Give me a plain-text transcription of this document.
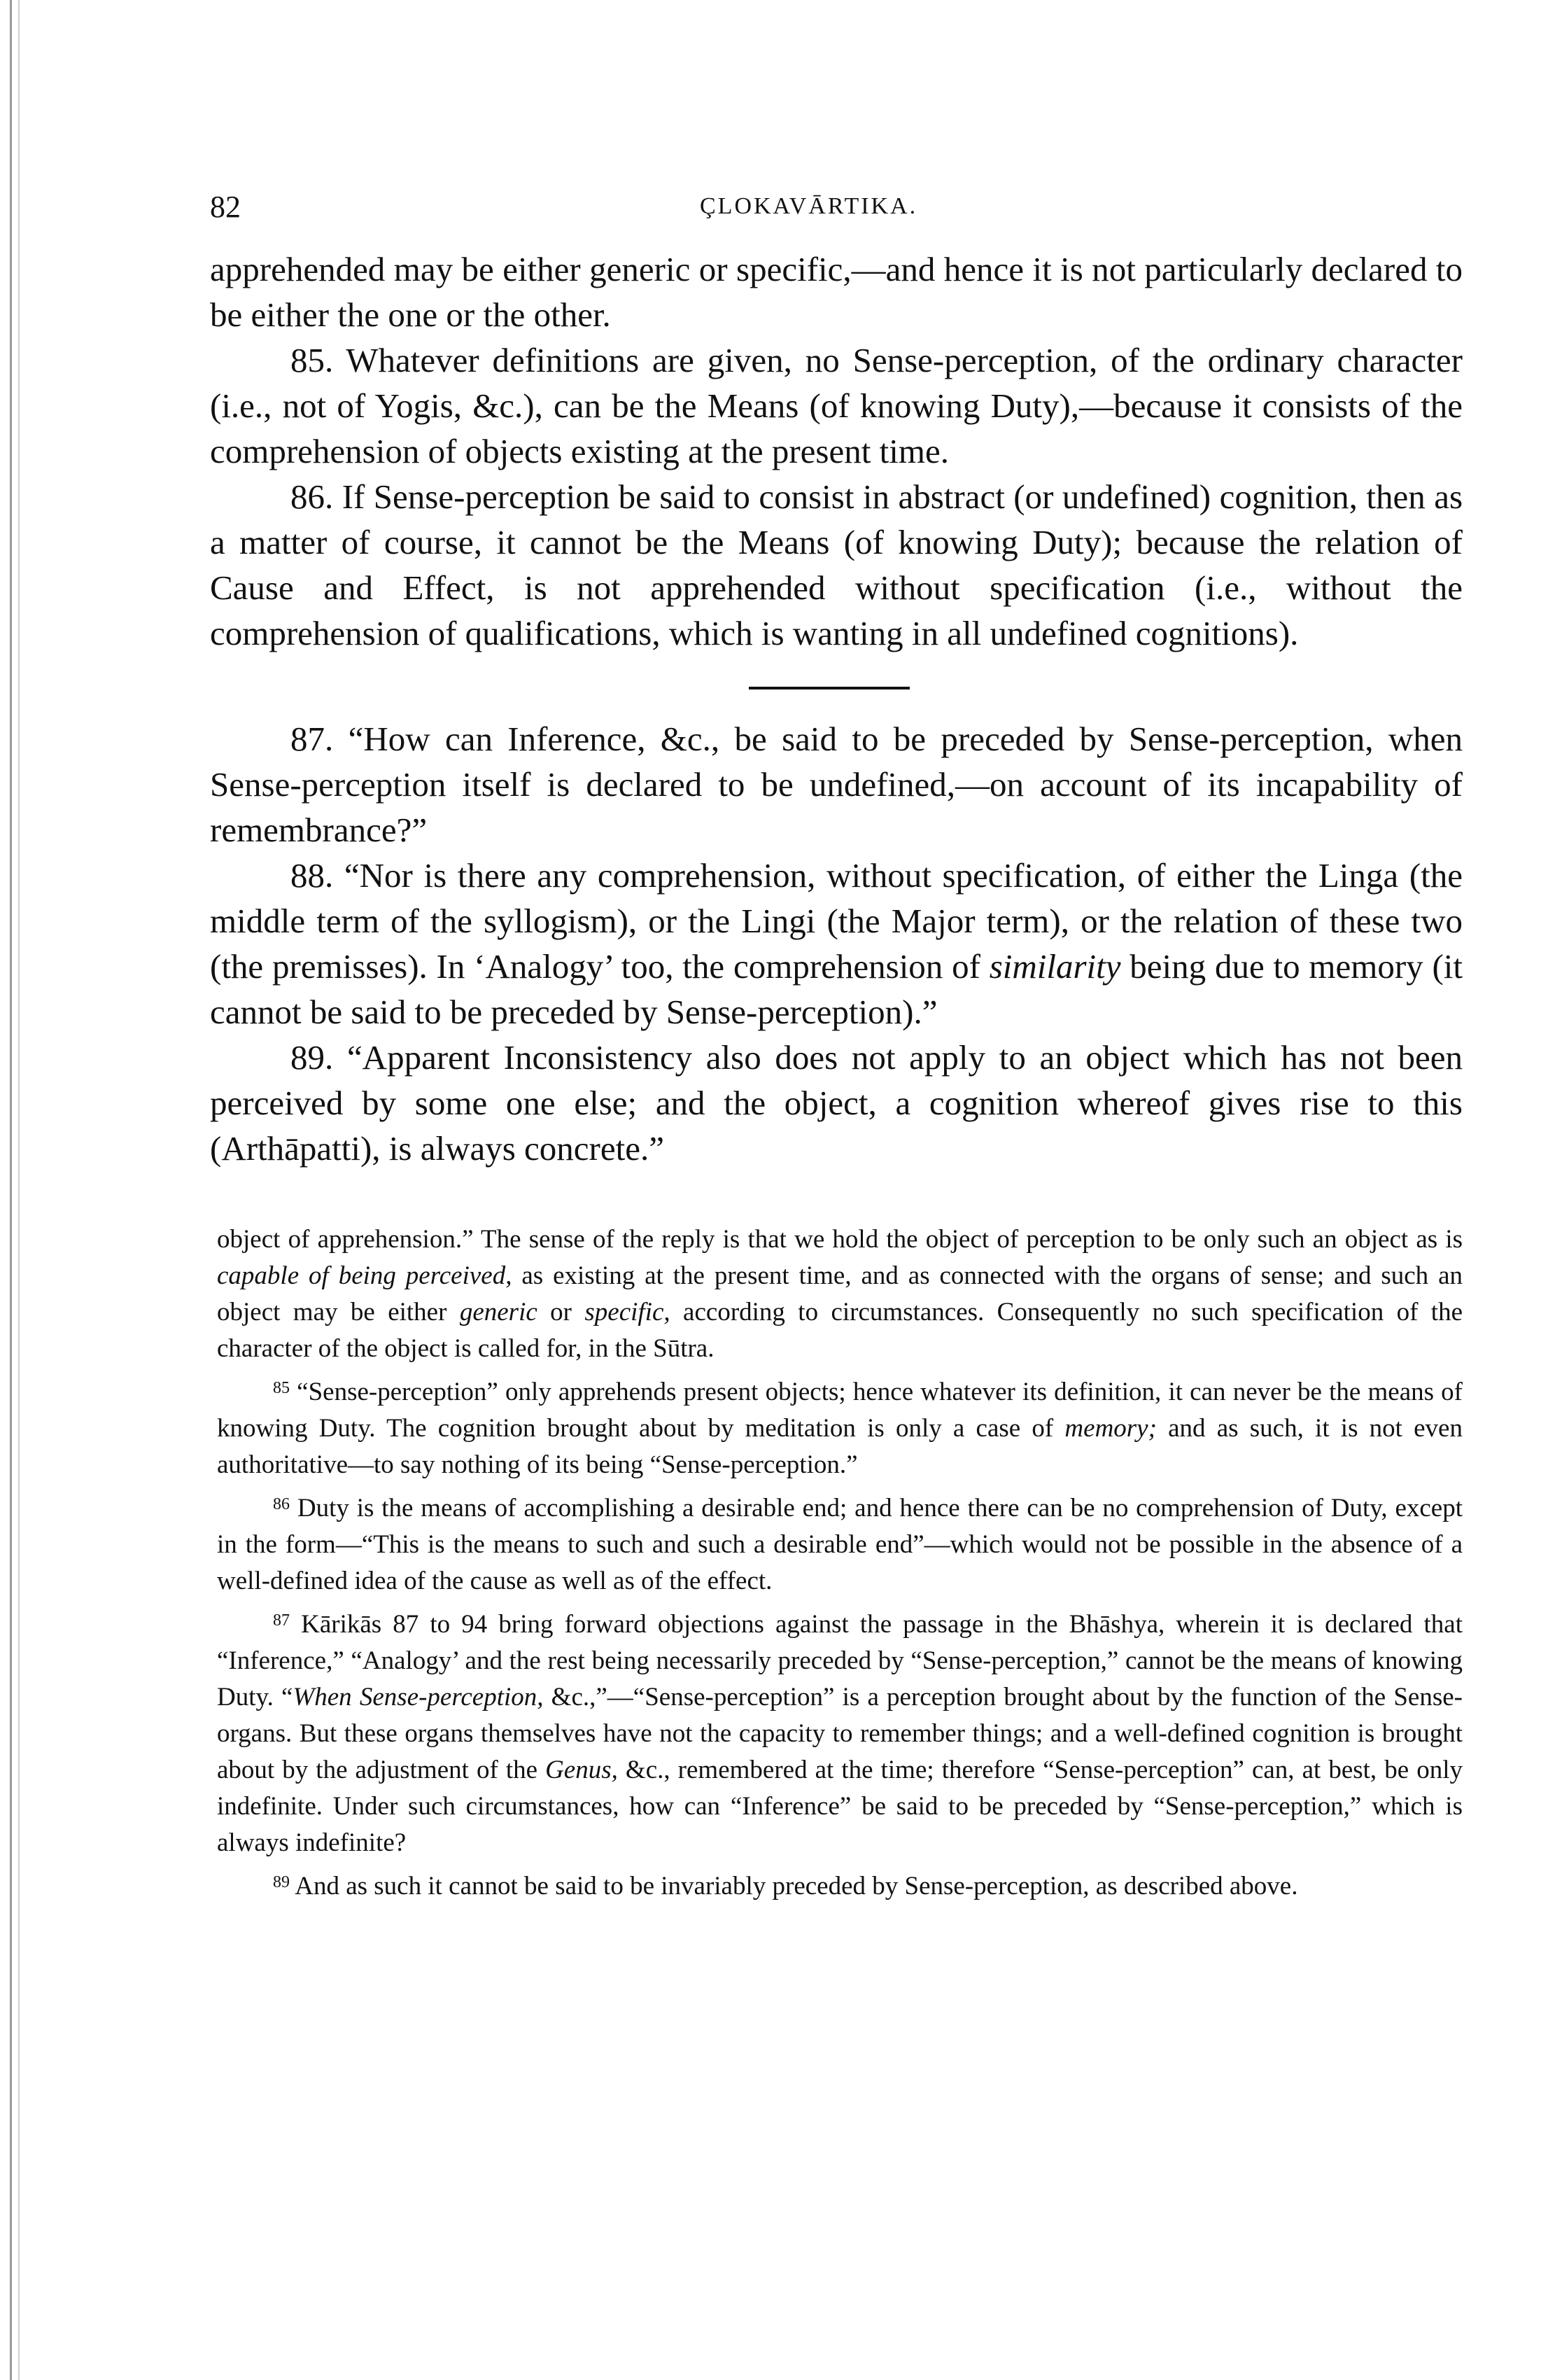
82	ÇLOKAVĀRTIKA.

apprehended may be either generic or specific,—and hence it is not particularly declared to be either the one or the other.

85. Whatever definitions are given, no Sense-perception, of the ordinary character (i.e., not of Yogis, &c.), can be the Means (of knowing Duty),—because it consists of the comprehension of objects existing at the present time.

86. If Sense-perception be said to consist in abstract (or undefined) cognition, then as a matter of course, it cannot be the Means (of knowing Duty); because the relation of Cause and Effect, is not apprehended without specification (i.e., without the comprehension of qualifications, which is wanting in all undefined cognitions).

87. “How can Inference, &c., be said to be preceded by Sense-perception, when Sense-perception itself is declared to be undefined,—on account of its incapability of remembrance?”

88. “Nor is there any comprehension, without specification, of either the Linga (the middle term of the syllogism), or the Lingi (the Major term), or the relation of these two (the premisses). In ‘Analogy’ too, the comprehension of similarity being due to memory (it cannot be said to be preceded by Sense-perception).”

89. “Apparent Inconsistency also does not apply to an object which has not been perceived by some one else; and the object, a cognition whereof gives rise to this (Arthāpatti), is always concrete.”

object of apprehension.” The sense of the reply is that we hold the object of perception to be only such an object as is capable of being perceived, as existing at the present time, and as connected with the organs of sense; and such an object may be either generic or specific, according to circumstances. Consequently no such specification of the character of the object is called for, in the Sūtra.

$^{85}$ “Sense-perception” only apprehends present objects; hence whatever its definition, it can never be the means of knowing Duty. The cognition brought about by meditation is only a case of memory; and as such, it is not even authoritative—to say nothing of its being “Sense-perception.”

$^{86}$ Duty is the means of accomplishing a desirable end; and hence there can be no comprehension of Duty, except in the form—“This is the means to such and such a desirable end”—which would not be possible in the absence of a well-defined idea of the cause as well as of the effect.

$^{87}$ Kārikās 87 to 94 bring forward objections against the passage in the Bhāshya, wherein it is declared that “Inference,” “Analogy’ and the rest being necessarily preceded by “Sense-perception,” cannot be the means of knowing Duty. “When Sense-perception, &c.,”—“Sense-perception” is a perception brought about by the function of the Sense-organs. But these organs themselves have not the capacity to remember things; and a well-defined cognition is brought about by the adjustment of the Genus, &c., remembered at the time; therefore “Sense-perception” can, at best, be only indefinite. Under such circumstances, how can “Inference” be said to be preceded by “Sense-perception,” which is always indefinite?

$^{89}$ And as such it cannot be said to be invariably preceded by Sense-perception, as described above.
